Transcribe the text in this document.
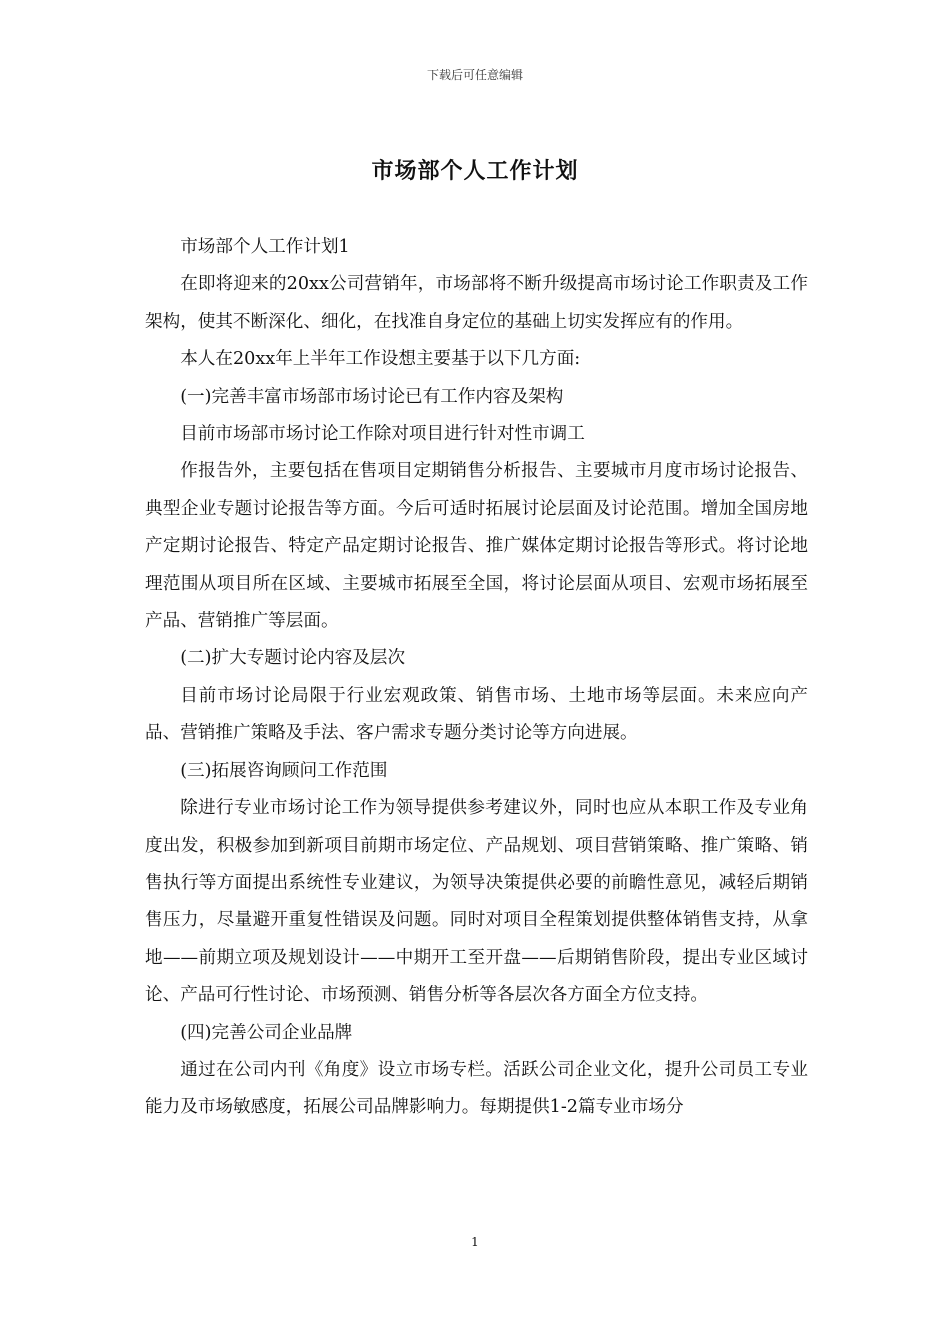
下载后可任意编辑
市场部个人工作计划

市场部个人工作计划1

在即将迎来的20xx公司营销年，市场部将不断升级提高市场讨论工作职责及工作架构，使其不断深化、细化，在找准自身定位的基础上切实发挥应有的作用。

本人在20xx年上半年工作设想主要基于以下几方面:

(一)完善丰富市场部市场讨论已有工作内容及架构

目前市场部市场讨论工作除对项目进行针对性市调工

作报告外，主要包括在售项目定期销售分析报告、主要城市月度市场讨论报告、典型企业专题讨论报告等方面。今后可适时拓展讨论层面及讨论范围。增加全国房地产定期讨论报告、特定产品定期讨论报告、推广媒体定期讨论报告等形式。将讨论地理范围从项目所在区域、主要城市拓展至全国，将讨论层面从项目、宏观市场拓展至产品、营销推广等层面。

(二)扩大专题讨论内容及层次

目前市场讨论局限于行业宏观政策、销售市场、土地市场等层面。未来应向产品、营销推广策略及手法、客户需求专题分类讨论等方向进展。

(三)拓展咨询顾问工作范围

除进行专业市场讨论工作为领导提供参考建议外，同时也应从本职工作及专业角度出发，积极参加到新项目前期市场定位、产品规划、项目营销策略、推广策略、销售执行等方面提出系统性专业建议，为领导决策提供必要的前瞻性意见，减轻后期销售压力，尽量避开重复性错误及问题。同时对项目全程策划提供整体销售支持，从拿地——前期立项及规划设计——中期开工至开盘——后期销售阶段，提出专业区域讨论、产品可行性讨论、市场预测、销售分析等各层次各方面全方位支持。

(四)完善公司企业品牌

通过在公司内刊《角度》设立市场专栏。活跃公司企业文化，提升公司员工专业能力及市场敏感度，拓展公司品牌影响力。每期提供1-2篇专业市场分

1
